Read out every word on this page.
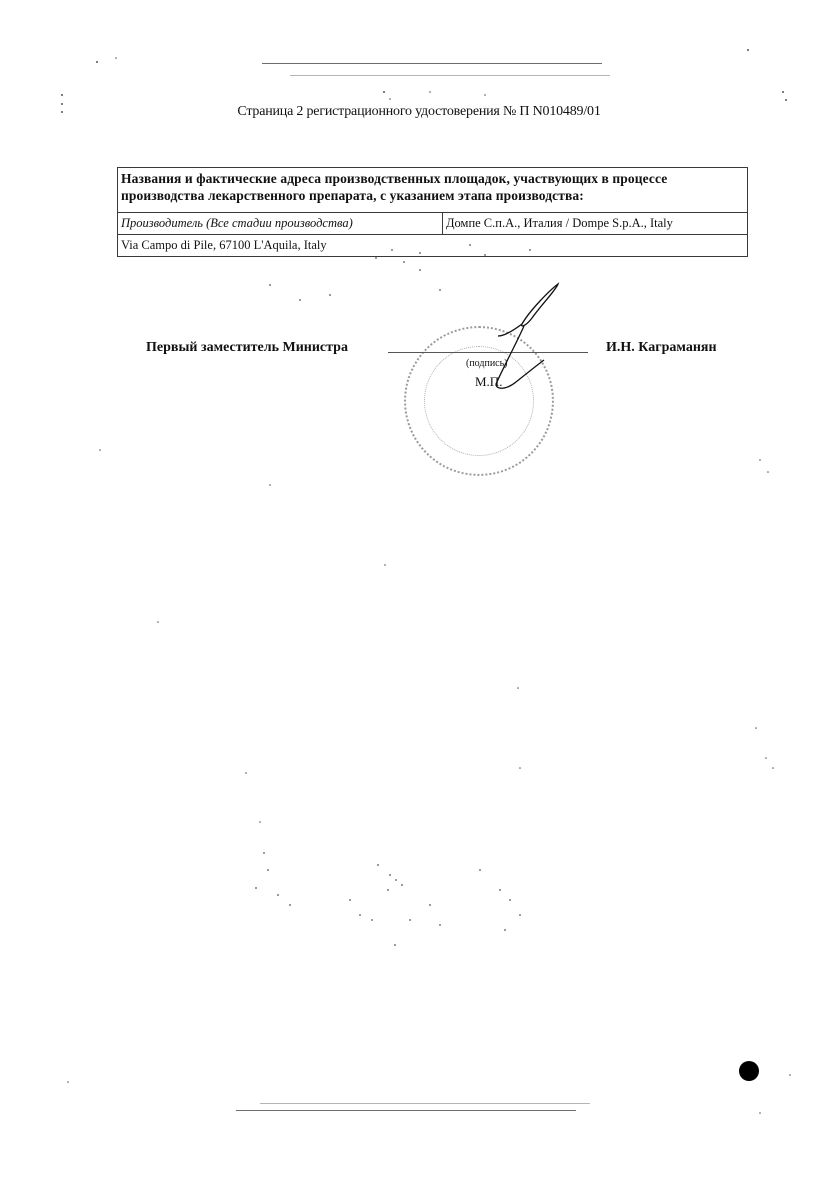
Страница 2 регистрационного удостоверения № П N010489/01
Названия и фактические адреса производственных площадок, участвующих в процессе производства лекарственного препарата, с указанием этапа производства:
Производитель (Все стадии производства)	Домпе С.п.А., Италия / Dompe S.p.A., Italy
Via Campo di Pile, 67100 L'Aquila, Italy
Первый заместитель Министра	И.Н. Каграманян
(подпись)
М.П.
